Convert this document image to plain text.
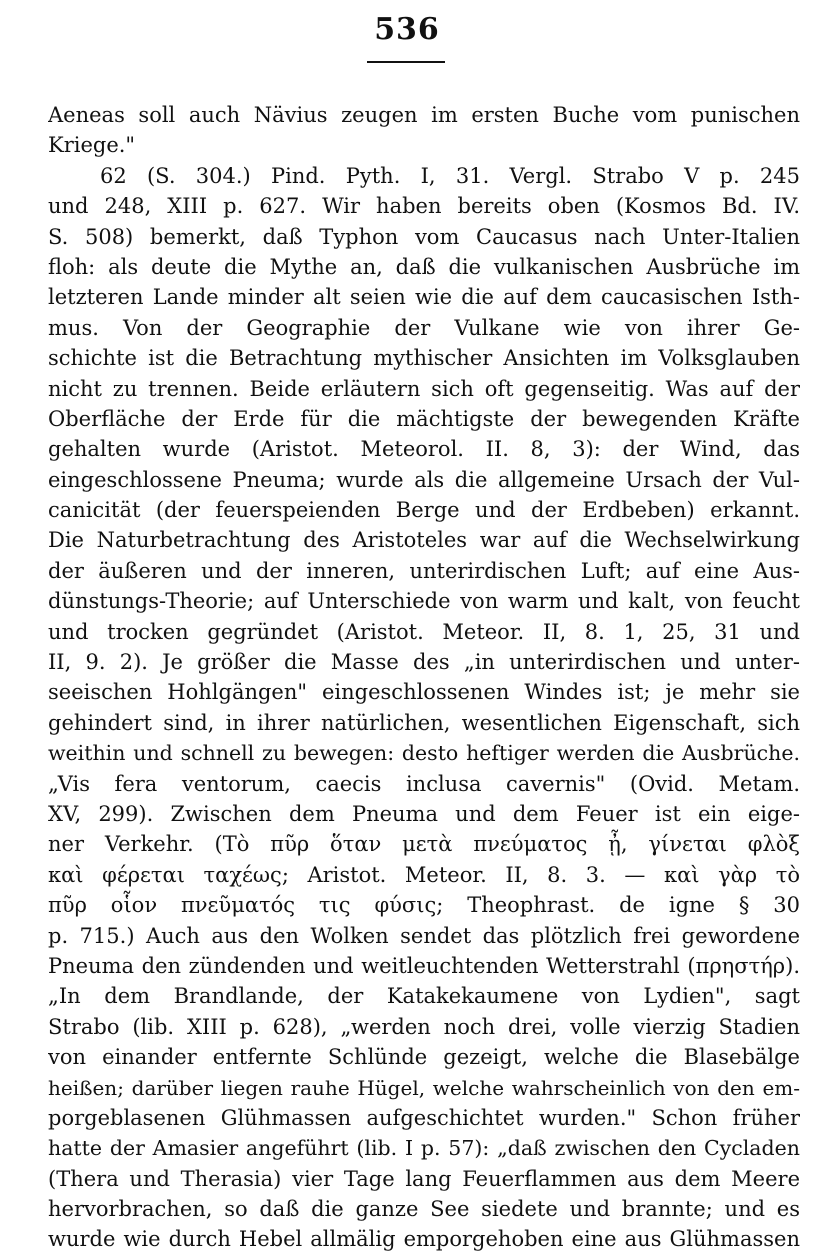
536
Aeneas soll auch Nävius zeugen im ersten Buche vom punischen
Kriege."
62 (S. 304.) Pind. Pyth. I, 31. Vergl. Strabo V p. 245
und 248, XIII p. 627. Wir haben bereits oben (Kosmos Bd. IV.
S. 508) bemerkt, daß Typhon vom Caucasus nach Unter-Italien
floh: als deute die Mythe an, daß die vulkanischen Ausbrüche im
letzteren Lande minder alt seien wie die auf dem caucasischen Isth-
mus. Von der Geographie der Vulkane wie von ihrer Ge-
schichte ist die Betrachtung mythischer Ansichten im Volksglauben
nicht zu trennen. Beide erläutern sich oft gegenseitig. Was auf der
Oberfläche der Erde für die mächtigste der bewegenden Kräfte
gehalten wurde (Aristot. Meteorol. II. 8, 3): der Wind, das
eingeschlossene Pneuma; wurde als die allgemeine Ursach der Vul-
canicität (der feuerspeienden Berge und der Erdbeben) erkannt.
Die Naturbetrachtung des Aristoteles war auf die Wechselwirkung
der äußeren und der inneren, unterirdischen Luft; auf eine Aus-
dünstungs-Theorie; auf Unterschiede von warm und kalt, von feucht
und trocken gegründet (Aristot. Meteor. II, 8. 1, 25, 31 und
II, 9. 2). Je größer die Masse des „in unterirdischen und unter-
seeischen Hohlgängen" eingeschlossenen Windes ist; je mehr sie
gehindert sind, in ihrer natürlichen, wesentlichen Eigenschaft, sich
weithin und schnell zu bewegen: desto heftiger werden die Ausbrüche.
„Vis fera ventorum, caecis inclusa cavernis" (Ovid. Metam.
XV, 299). Zwischen dem Pneuma und dem Feuer ist ein eige-
ner Verkehr. (Τὸ πῦρ ὅταν μετὰ πνεύματος ᾖ, γίνεται φλὸξ
καὶ φέρεται ταχέως; Aristot. Meteor. II, 8. 3. — καὶ γὰρ τὸ
πῦρ οἷον πνεῦματός τις φύσις; Theophrast. de igne § 30
p. 715.) Auch aus den Wolken sendet das plötzlich frei gewordene
Pneuma den zündenden und weitleuchtenden Wetterstrahl (πρηστήρ).
„In dem Brandlande, der Katakekaumene von Lydien", sagt
Strabo (lib. XIII p. 628), „werden noch drei, volle vierzig Stadien
von einander entfernte Schlünde gezeigt, welche die Blasebälge
heißen; darüber liegen rauhe Hügel, welche wahrscheinlich von den em-
porgeblasenen Glühmassen aufgeschichtet wurden." Schon früher
hatte der Amasier angeführt (lib. I p. 57): „daß zwischen den Cycladen
(Thera und Therasia) vier Tage lang Feuerflammen aus dem Meere
hervorbrachen, so daß die ganze See siedete und brannte; und es
wurde wie durch Hebel allmälig emporgehoben eine aus Glühmassen
